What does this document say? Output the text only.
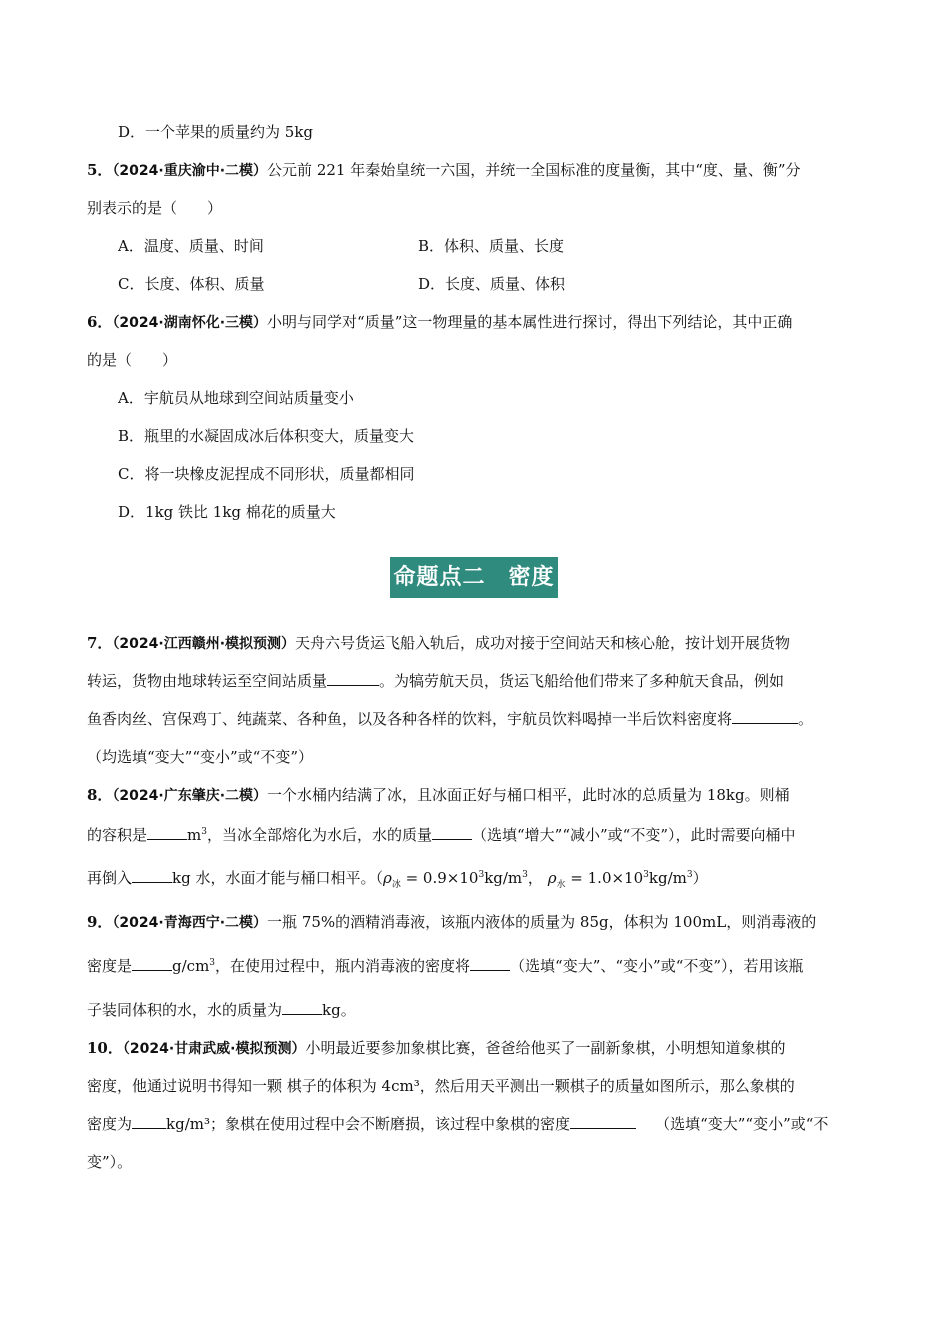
D．一个苹果的质量约为 5kg
5．（2024·重庆渝中·二模）公元前 221 年秦始皇统一六国，并统一全国标准的度量衡，其中“度、量、衡”分
别表示的是（　　）
A．温度、质量、时间	B．体积、质量、长度
C．长度、体积、质量	D．长度、质量、体积
6．（2024·湖南怀化·三模）小明与同学对“质量”这一物理量的基本属性进行探讨，得出下列结论，其中正确
的是（　　）
A．宇航员从地球到空间站质量变小
B．瓶里的水凝固成冰后体积变大，质量变大
C．将一块橡皮泥捏成不同形状，质量都相同
D．1kg 铁比 1kg 棉花的质量大
命题点二　密度
7．（2024·江西赣州·模拟预测）天舟六号货运飞船入轨后，成功对接于空间站天和核心舱，按计划开展货物
转运，货物由地球转运至空间站质量	。为犒劳航天员，货运飞船给他们带来了多种航天食品，例如
鱼香肉丝、宫保鸡丁、纯蔬菜、各种鱼，以及各种各样的饮料，宇航员饮料喝掉一半后饮料密度将	。
（均选填“变大”“变小”或“不变”）
8．（2024·广东肇庆·二模）一个水桶内结满了冰，且冰面正好与桶口相平，此时冰的总质量为 18kg。则桶
的容积是	$m^3$，当冰全部熔化为水后，水的质量	（选填“增大”“减小”或“不变”），此时需要向桶中
再倒入	kg 水，水面才能与桶口相平。（$\rho_冰 = 0.9\times 10^3kg/m^3$， $\rho_水 = 1.0\times 10^3kg/m^3$）
9．（2024·青海西宁·二模）一瓶 75%的酒精消毒液，该瓶内液体的质量为 85g，体积为 100mL，则消毒液的
密度是	$g/cm^3$，在使用过程中，瓶内消毒液的密度将	（选填“变大”、“变小”或“不变”），若用该瓶
子装同体积的水，水的质量为	kg。
10．（2024·甘肃武威·模拟预测）小明最近要参加象棋比赛，爸爸给他买了一副新象棋，小明想知道象棋的
密度，他通过说明书得知一颗 棋子的体积为 4cm³，然后用天平测出一颗棋子的质量如图所示，那么象棋的
密度为 kg/m³；象棋在使用过程中会不断磨损，该过程中象棋的密度	（选填“变大”“变小”或“不
变”）。
